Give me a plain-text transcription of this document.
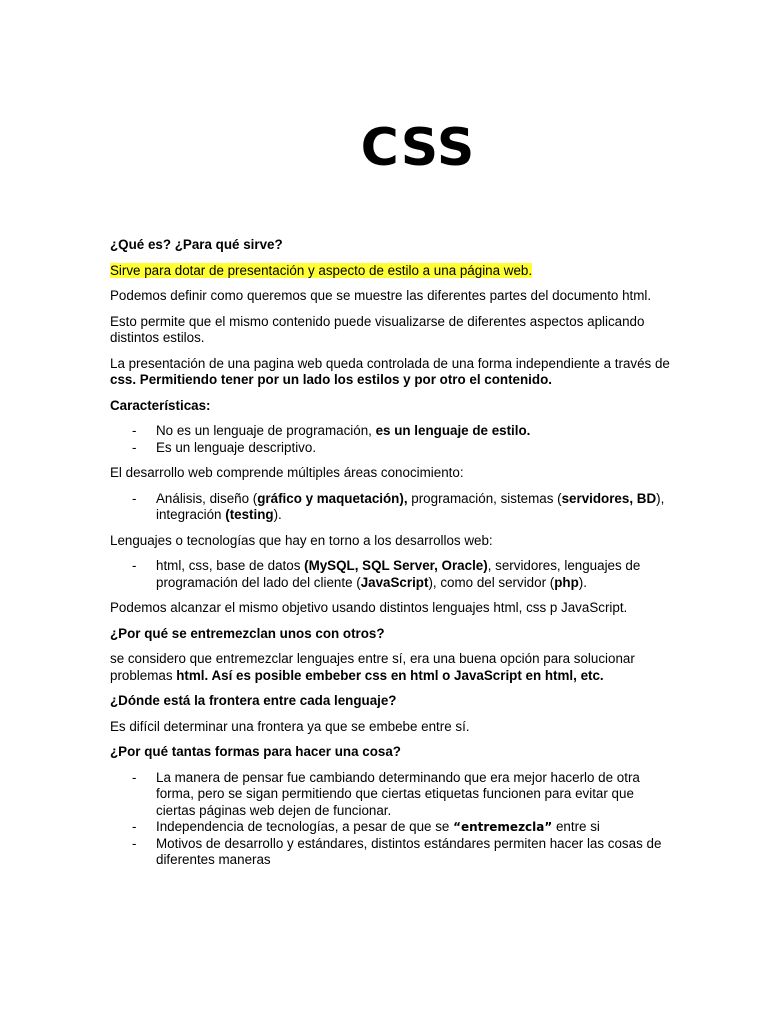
CSS

¿Qué es? ¿Para qué sirve?

Sirve para dotar de presentación y aspecto de estilo a una página web.

Podemos definir como queremos que se muestre las diferentes partes del documento html.

Esto permite que el mismo contenido puede visualizarse de diferentes aspectos aplicando distintos estilos.

La presentación de una pagina web queda controlada de una forma independiente a través de css. Permitiendo tener por un lado los estilos y por otro el contenido.

Características:

- No es un lenguaje de programación, es un lenguaje de estilo.
- Es un lenguaje descriptivo.

El desarrollo web comprende múltiples áreas conocimiento:

- Análisis, diseño (gráfico y maquetación), programación, sistemas (servidores, BD), integración (testing).

Lenguajes o tecnologías que hay en torno a los desarrollos web:

- html, css, base de datos (MySQL, SQL Server, Oracle), servidores, lenguajes de programación del lado del cliente (JavaScript), como del servidor (php).

Podemos alcanzar el mismo objetivo usando distintos lenguajes html, css p JavaScript.

¿Por qué se entremezclan unos con otros?

se considero que entremezclar lenguajes entre sí, era una buena opción para solucionar problemas html. Así es posible embeber css en html o JavaScript en html, etc.

¿Dónde está la frontera entre cada lenguaje?

Es difícil determinar una frontera ya que se embebe entre sí.

¿Por qué tantas formas para hacer una cosa?

- La manera de pensar fue cambiando determinando que era mejor hacerlo de otra forma, pero se sigan permitiendo que ciertas etiquetas funcionen para evitar que ciertas páginas web dejen de funcionar.
- Independencia de tecnologías, a pesar de que se “entremezcla” entre si
- Motivos de desarrollo y estándares, distintos estándares permiten hacer las cosas de diferentes maneras
